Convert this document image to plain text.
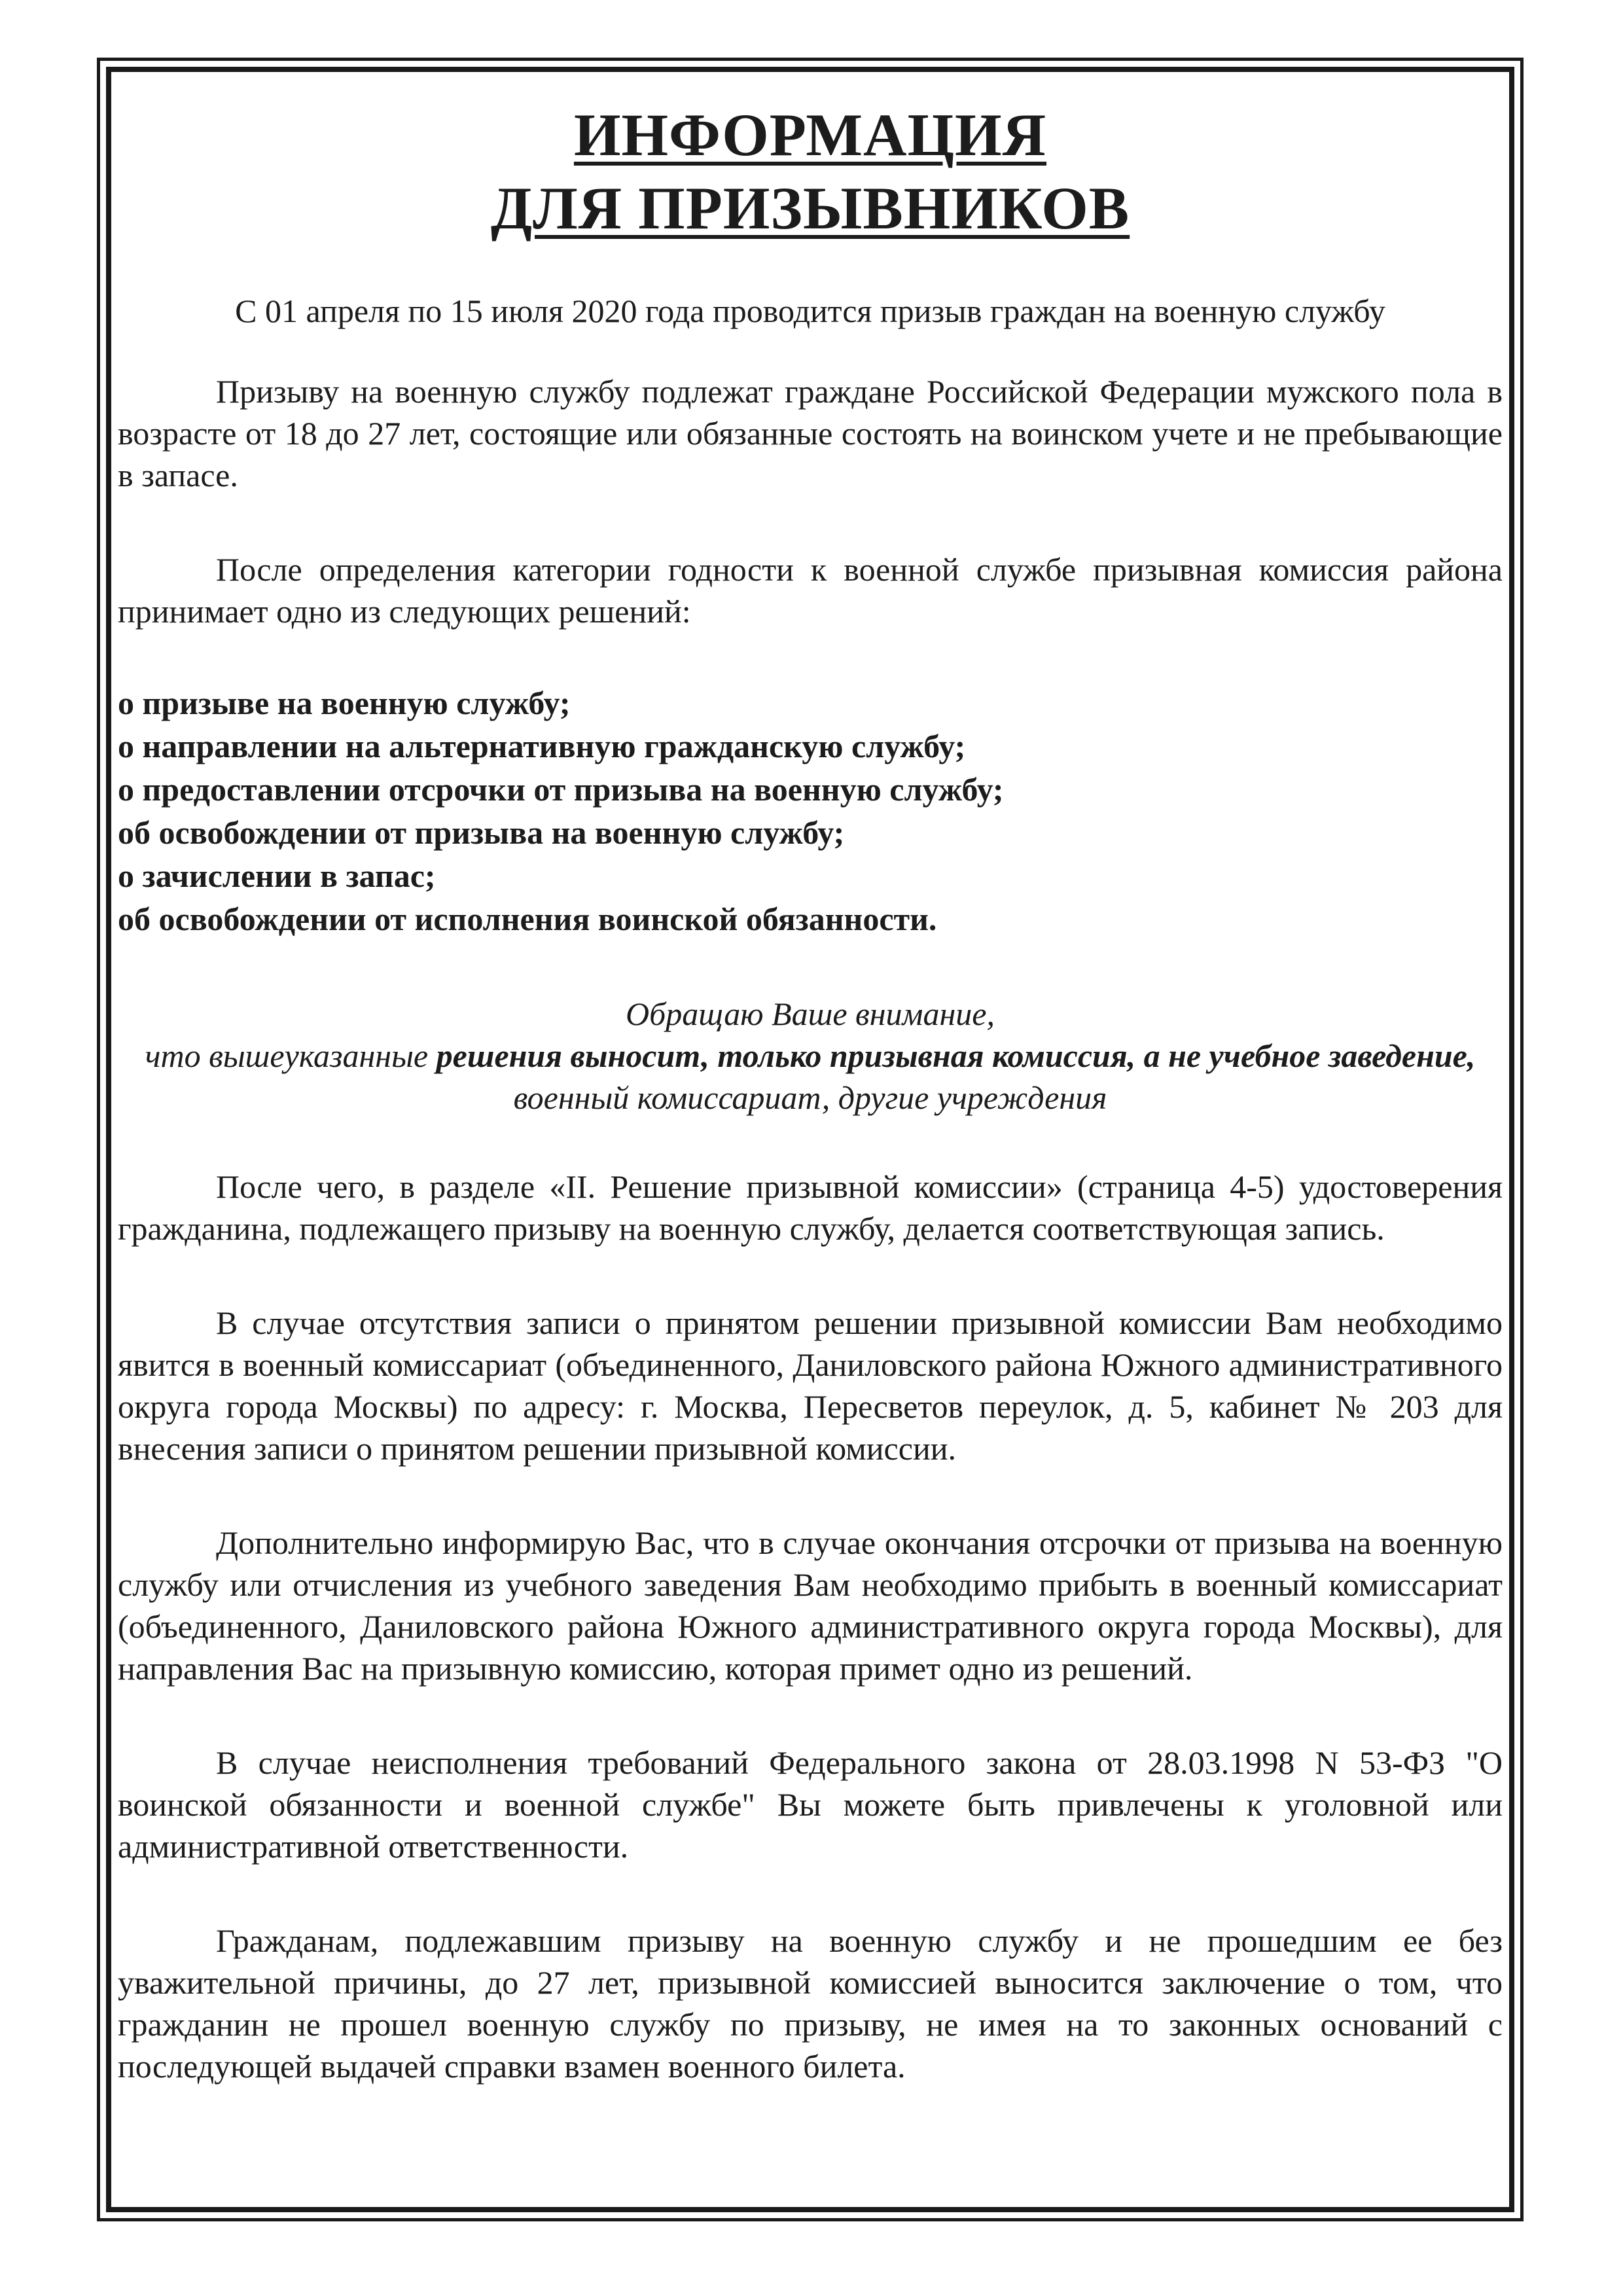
ИНФОРМАЦИЯ
ДЛЯ ПРИЗЫВНИКОВ

С 01 апреля по 15 июля 2020 года проводится призыв граждан на военную службу

Призыву на военную службу подлежат граждане Российской Федерации мужского пола в возрасте от 18 до 27 лет, состоящие или обязанные состоять на воинском учете и не пребывающие в запасе.

После определения категории годности к военной службе призывная комиссия района принимает одно из следующих решений:

о призыве на военную службу;
о направлении на альтернативную гражданскую службу;
о предоставлении отсрочки от призыва на военную службу;
об освобождении от призыва на военную службу;
о зачислении в запас;
об освобождении от исполнения воинской обязанности.

Обращаю Ваше внимание,
что вышеуказанные решения выносит, только призывная комиссия, а не учебное заведение, военный комиссариат, другие учреждения

После чего, в разделе «II. Решение призывной комиссии» (страница 4-5) удостоверения гражданина, подлежащего призыву на военную службу, делается соответствующая запись.

В случае отсутствия записи о принятом решении призывной комиссии Вам необходимо явится в военный комиссариат (объединенного, Даниловского района Южного административного округа города Москвы) по адресу: г. Москва, Пересветов переулок, д. 5, кабинет № 203 для внесения записи о принятом решении призывной комиссии.

Дополнительно информирую Вас, что в случае окончания отсрочки от призыва на военную службу или отчисления из учебного заведения Вам необходимо прибыть в военный комиссариат (объединенного, Даниловского района Южного административного округа города Москвы), для направления Вас на призывную комиссию, которая примет одно из решений.

В случае неисполнения требований Федерального закона от 28.03.1998 N 53-ФЗ "О воинской обязанности и военной службе" Вы можете быть привлечены к уголовной или административной ответственности.

Гражданам, подлежавшим призыву на военную службу и не прошедшим ее без уважительной причины, до 27 лет, призывной комиссией выносится заключение о том, что гражданин не прошел военную службу по призыву, не имея на то законных оснований с последующей выдачей справки взамен военного билета.
